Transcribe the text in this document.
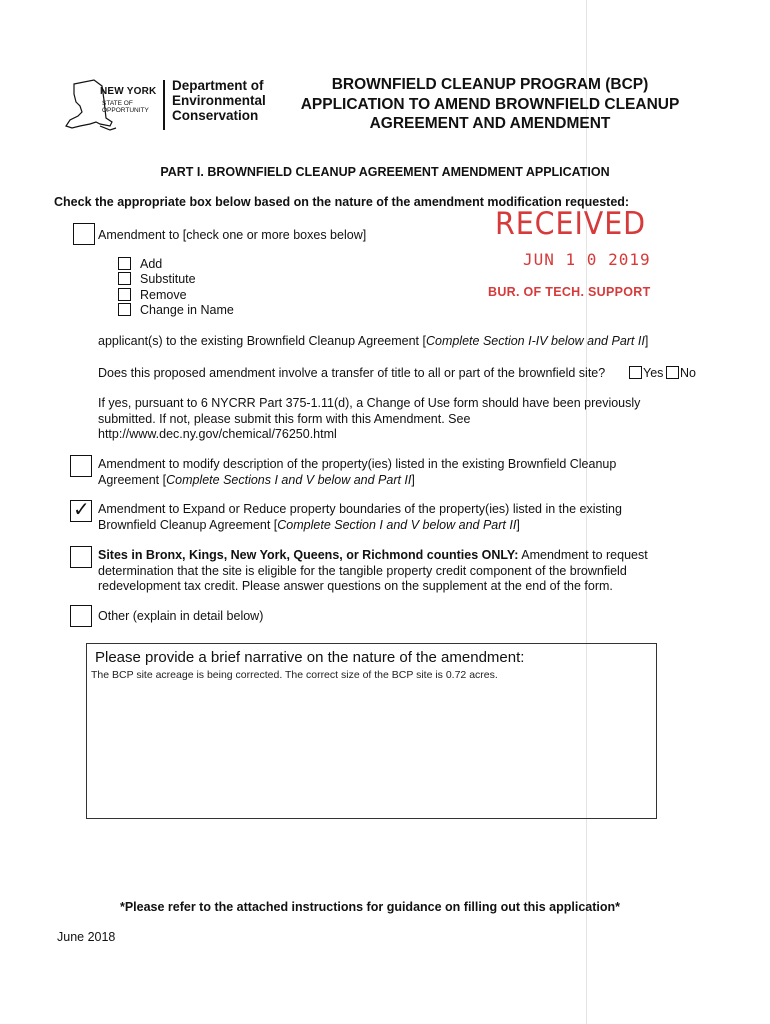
NEW YORK
STATE OF
OPPORTUNITY
Department of
Environmental
Conservation
BROWNFIELD CLEANUP PROGRAM (BCP)
APPLICATION TO AMEND BROWNFIELD CLEANUP
AGREEMENT AND AMENDMENT
PART I. BROWNFIELD CLEANUP AGREEMENT AMENDMENT APPLICATION
Check the appropriate box below based on the nature of the amendment modification requested:
RECEIVED
JUN 1 0 2019
BUR. OF TECH. SUPPORT
Amendment to [check one or more boxes below]
Add
Substitute
Remove
Change in Name
applicant(s) to the existing Brownfield Cleanup Agreement [Complete Section I-IV below and Part II]
Does this proposed amendment involve a transfer of title to all or part of the brownfield site?	Yes No
If yes, pursuant to 6 NYCRR Part 375-1.11(d), a Change of Use form should have been previously
submitted. If not, please submit this form with this Amendment. See
http://www.dec.ny.gov/chemical/76250.html
Amendment to modify description of the property(ies) listed in the existing Brownfield Cleanup
Agreement [Complete Sections I and V below and Part II]
✓ Amendment to Expand or Reduce property boundaries of the property(ies) listed in the existing
Brownfield Cleanup Agreement [Complete Section I and V below and Part II]
Sites in Bronx, Kings, New York, Queens, or Richmond counties ONLY: Amendment to request
determination that the site is eligible for the tangible property credit component of the brownfield
redevelopment tax credit. Please answer questions on the supplement at the end of the form.
Other (explain in detail below)
Please provide a brief narrative on the nature of the amendment:
The BCP site acreage is being corrected. The correct size of the BCP site is 0.72 acres.
*Please refer to the attached instructions for guidance on filling out this application*
June 2018
